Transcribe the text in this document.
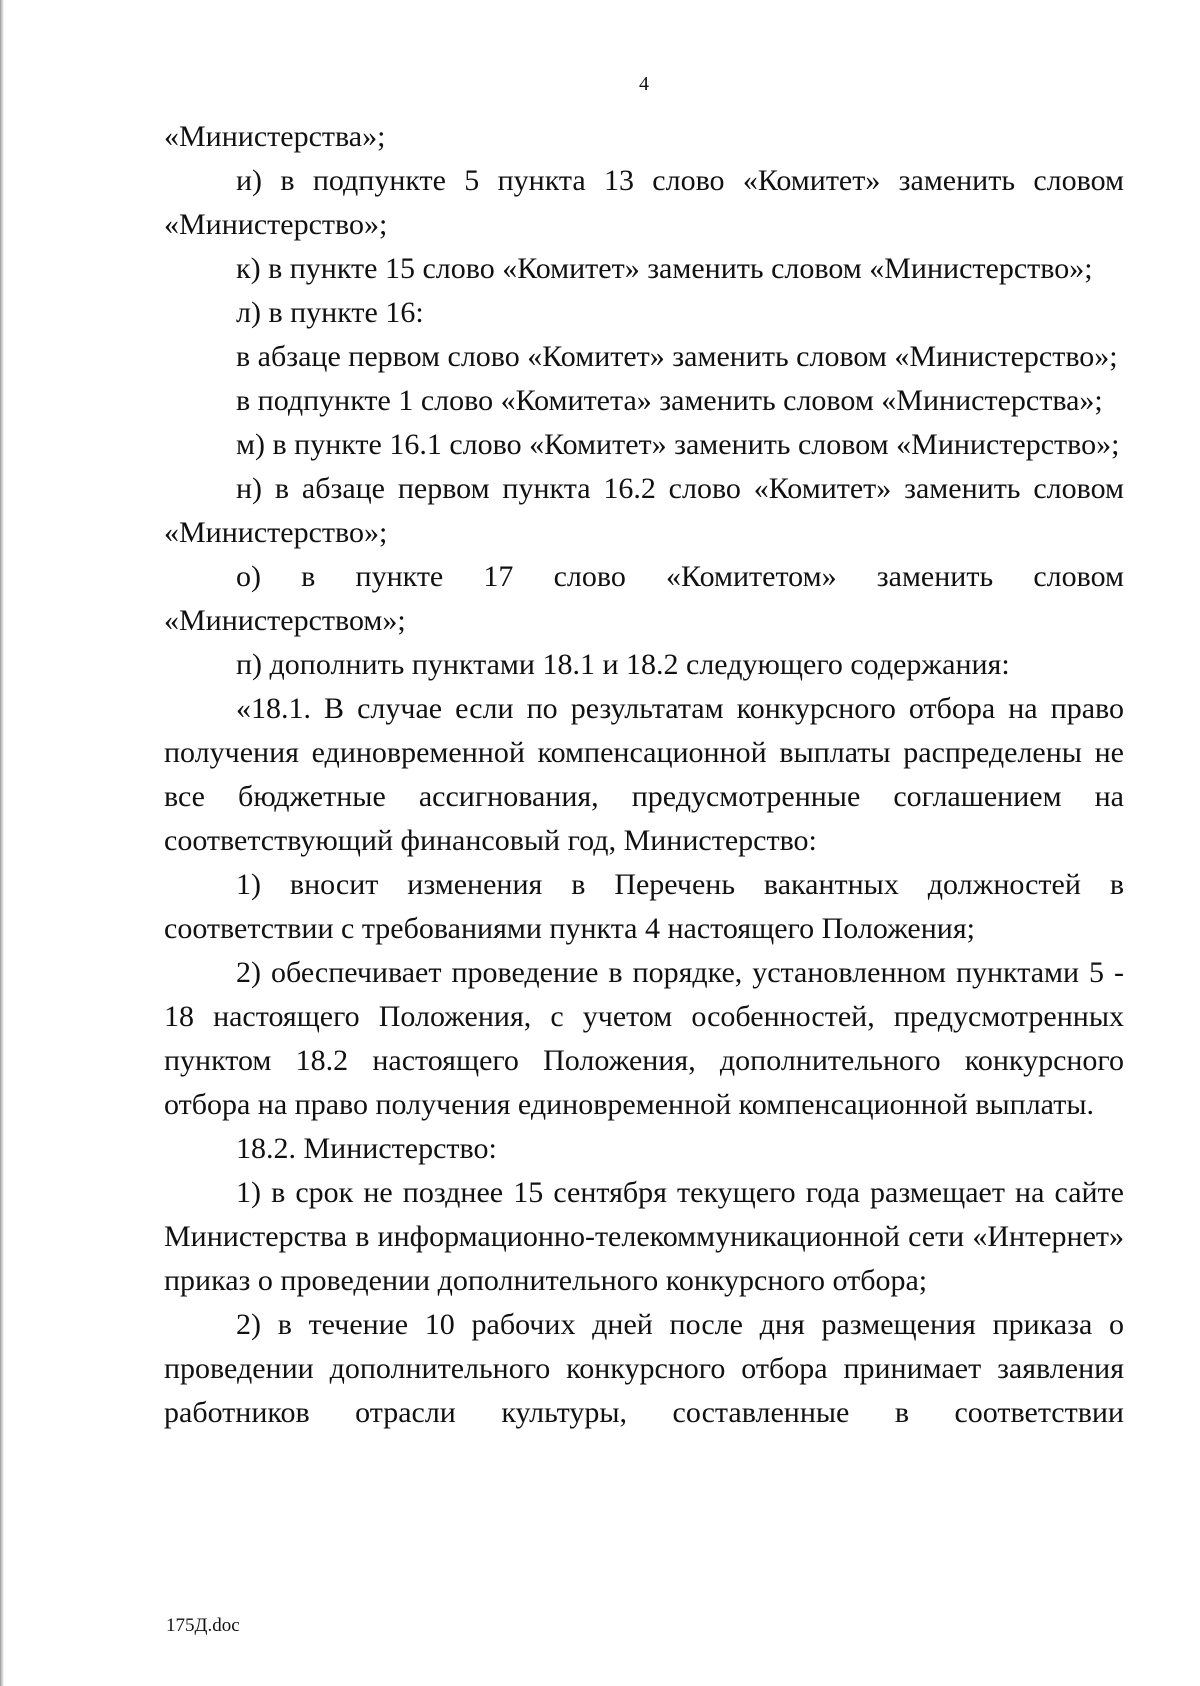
4

«Министерства»;

и) в подпункте 5 пункта 13 слово «Комитет» заменить словом «Министерство»;

к) в пункте 15 слово «Комитет» заменить словом «Министерство»;

л) в пункте 16:

в абзаце первом слово «Комитет» заменить словом «Министерство»;

в подпункте 1 слово «Комитета» заменить словом «Министерства»;

м) в пункте 16.1 слово «Комитет» заменить словом «Министерство»;

н) в абзаце первом пункта 16.2 слово «Комитет» заменить словом «Министерство»;

о) в пункте 17 слово «Комитетом» заменить словом «Министерством»;

п) дополнить пунктами 18.1 и 18.2 следующего содержания:

«18.1. В случае если по результатам конкурсного отбора на право получения единовременной компенсационной выплаты распределены не все бюджетные ассигнования, предусмотренные соглашением на соответствующий финансовый год, Министерство:

1) вносит изменения в Перечень вакантных должностей в соответствии с требованиями пункта 4 настоящего Положения;

2) обеспечивает проведение в порядке, установленном пунктами 5 - 18 настоящего Положения, с учетом особенностей, предусмотренных пунктом 18.2 настоящего Положения, дополнительного конкурсного отбора на право получения единовременной компенсационной выплаты.

18.2. Министерство:

1) в срок не позднее 15 сентября текущего года размещает на сайте Министерства в информационно-телекоммуникационной сети «Интернет» приказ о проведении дополнительного конкурсного отбора;

2) в течение 10 рабочих дней после дня размещения приказа о проведении дополнительного конкурсного отбора принимает заявления работников отрасли культуры, составленные в соответствии

175Д.doc
